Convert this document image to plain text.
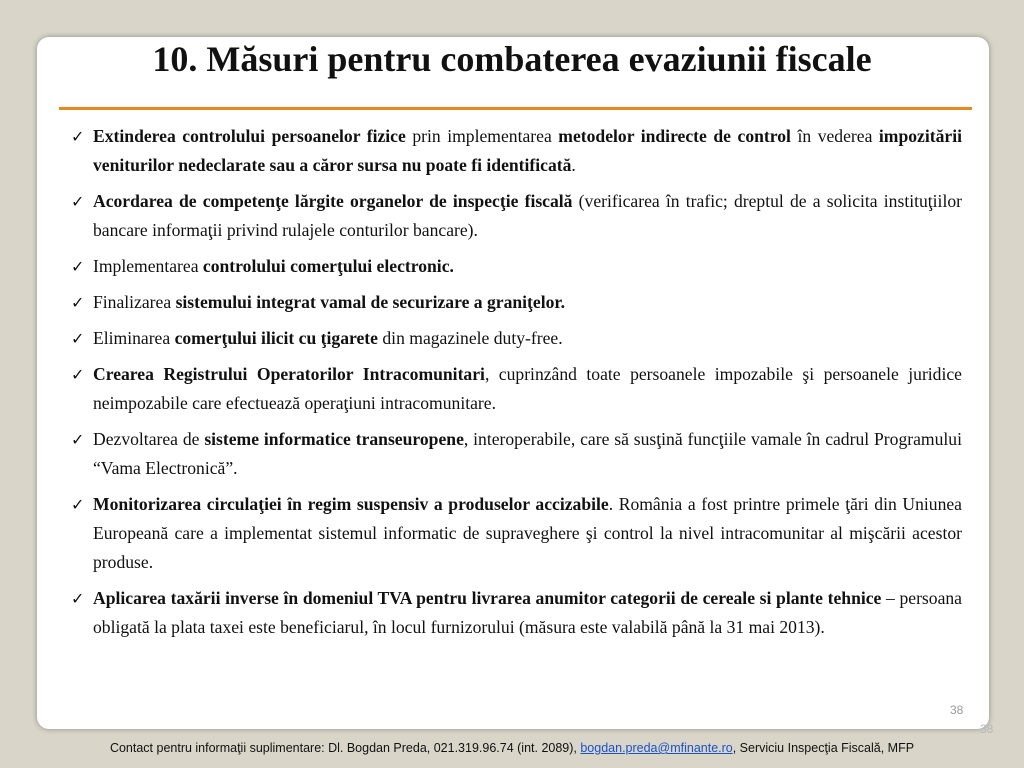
10. Măsuri pentru combaterea evaziunii fiscale
✓ Extinderea controlului persoanelor fizice prin implementarea metodelor indirecte de control în vederea impozitării veniturilor nedeclarate sau a căror sursa nu poate fi identificată.
✓ Acordarea de competenţe lărgite organelor de inspecţie fiscală (verificarea în trafic; dreptul de a solicita instituţiilor bancare informaţii privind rulajele conturilor bancare).
✓ Implementarea controlului comerţului electronic.
✓ Finalizarea sistemului integrat vamal de securizare a graniţelor.
✓ Eliminarea comerţului ilicit cu ţigarete din magazinele duty-free.
✓ Crearea Registrului Operatorilor Intracomunitari, cuprinzând toate persoanele impozabile şi persoanele juridice neimpozabile care efectuează operaţiuni intracomunitare.
✓ Dezvoltarea de sisteme informatice transeuropene, interoperabile, care să susţină funcţiile vamale în cadrul Programului “Vama Electronică”.
✓ Monitorizarea circulaţiei în regim suspensiv a produselor accizabile. România a fost printre primele ţări din Uniunea Europeană care a implementat sistemul informatic de supraveghere şi control la nivel intracomunitar al mişcării acestor produse.
✓ Aplicarea taxării inverse în domeniul TVA pentru livrarea anumitor categorii de cereale si plante tehnice – persoana obligată la plata taxei este beneficiarul, în locul furnizorului (măsura este valabilă până la 31 mai 2013).
38
38
Contact pentru informaţii suplimentare: Dl. Bogdan Preda, 021.319.96.74 (int. 2089), bogdan.preda@mfinante.ro, Serviciu Inspecţia Fiscală, MFP
